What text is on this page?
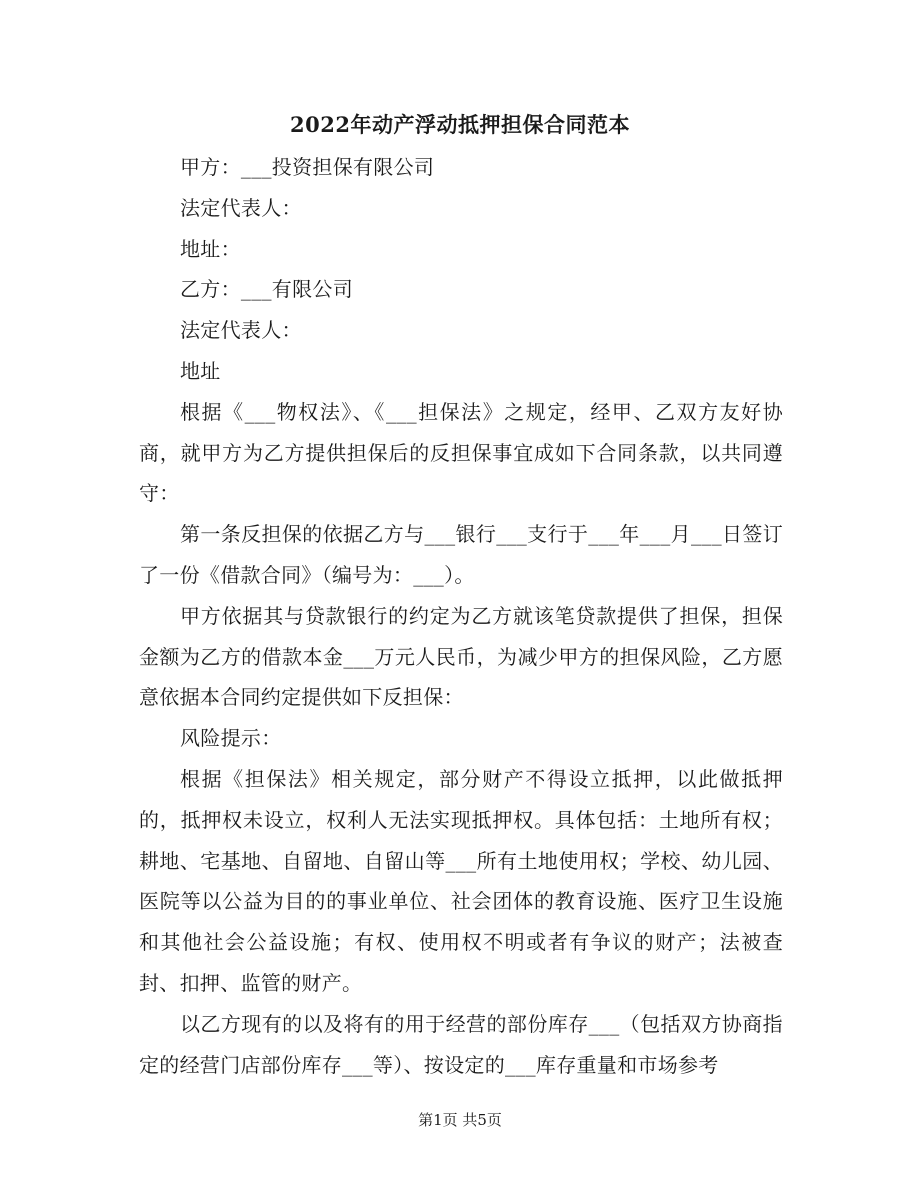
2022年动产浮动抵押担保合同范本

甲方：___投资担保有限公司

法定代表人：

地址：

乙方：___有限公司

法定代表人：

地址

根据《___物权法》、《___担保法》之规定，经甲、乙双方友好协商，就甲方为乙方提供担保后的反担保事宜成如下合同条款，以共同遵守：

第一条反担保的依据乙方与___银行___支行于___年___月___日签订了一份《借款合同》（编号为：___）。

甲方依据其与贷款银行的约定为乙方就该笔贷款提供了担保，担保金额为乙方的借款本金___万元人民币，为减少甲方的担保风险，乙方愿意依据本合同约定提供如下反担保：

风险提示：

根据《担保法》相关规定，部分财产不得设立抵押，以此做抵押的，抵押权未设立，权利人无法实现抵押权。具体包括：土地所有权；耕地、宅基地、自留地、自留山等___所有土地使用权；学校、幼儿园、医院等以公益为目的的事业单位、社会团体的教育设施、医疗卫生设施和其他社会公益设施；有权、使用权不明或者有争议的财产；法被查封、扣押、监管的财产。

以乙方现有的以及将有的用于经营的部份库存___（包括双方协商指定的经营门店部份库存___等）、按设定的___库存重量和市场参考

第1页 共5页
